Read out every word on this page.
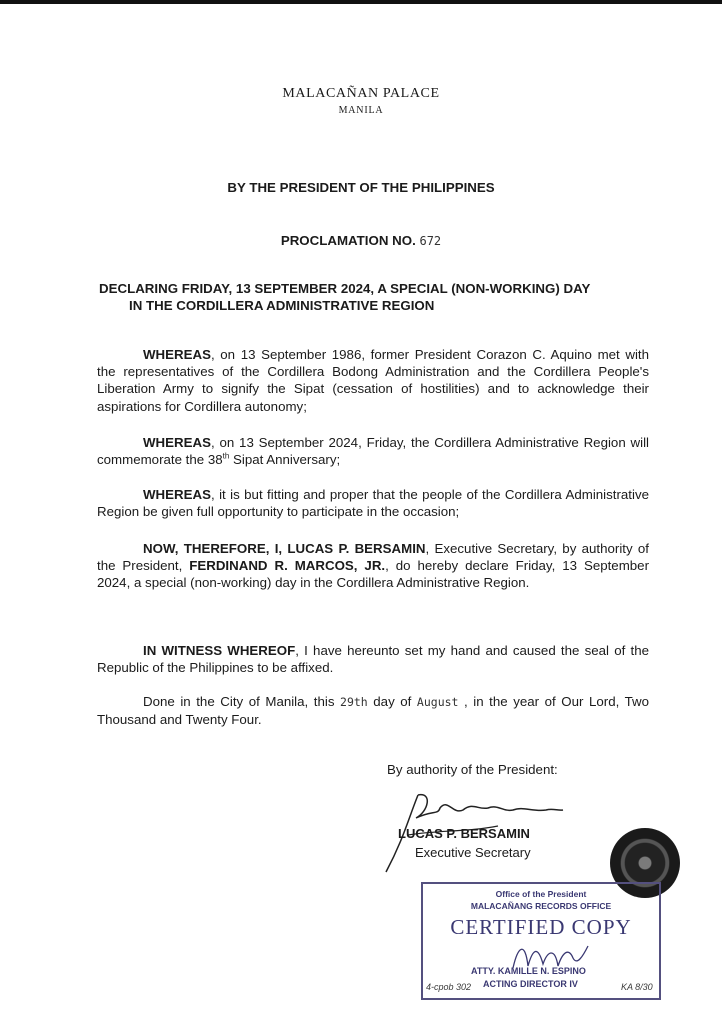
MALACAÑAN PALACE
MANILA
BY THE PRESIDENT OF THE PHILIPPINES
PROCLAMATION NO. 672
DECLARING FRIDAY, 13 SEPTEMBER 2024, A SPECIAL (NON-WORKING) DAY
IN THE CORDILLERA ADMINISTRATIVE REGION
WHEREAS, on 13 September 1986, former President Corazon C. Aquino met with the representatives of the Cordillera Bodong Administration and the Cordillera People's Liberation Army to signify the Sipat (cessation of hostilities) and to acknowledge their aspirations for Cordillera autonomy;
WHEREAS, on 13 September 2024, Friday, the Cordillera Administrative Region will commemorate the 38th Sipat Anniversary;
WHEREAS, it is but fitting and proper that the people of the Cordillera Administrative Region be given full opportunity to participate in the occasion;
NOW, THEREFORE, I, LUCAS P. BERSAMIN, Executive Secretary, by authority of the President, FERDINAND R. MARCOS, JR., do hereby declare Friday, 13 September 2024, a special (non-working) day in the Cordillera Administrative Region.
IN WITNESS WHEREOF, I have hereunto set my hand and caused the seal of the Republic of the Philippines to be affixed.
Done in the City of Manila, this 29th day of August , in the year of Our Lord, Two Thousand and Twenty Four.
By authority of the President:
LUCAS P. BERSAMIN
Executive Secretary
Office of the President
MALACAÑANG RECORDS OFFICE
CERTIFIED COPY
ATTY. KAMILLE N. ESPINO
ACTING DIRECTOR IV
4-cpob 302	KA 8/30
